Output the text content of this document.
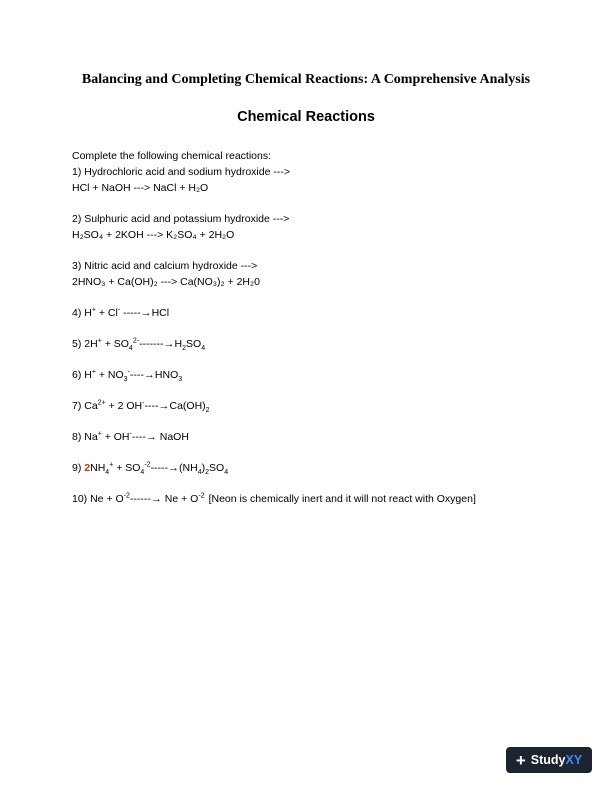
Balancing and Completing Chemical Reactions: A Comprehensive Analysis
Chemical Reactions

Complete the following chemical reactions:

1) Hydrochloric acid and sodium hydroxide --->

HCl + NaOH ---> NaCl + H₂O

2) Sulphuric acid and potassium hydroxide --->

H₂SO₄ + 2KOH ---> K₂SO₄ + 2H₂O

3) Nitric acid and calcium hydroxide --->

2HNO₃ + Ca(OH)₂ ---> Ca(NO₃)₂ + 2H₂0

4) H+ + Cl- -----→HCl

5) $2H^+ + SO_4^{2-}-------\to H_2SO_4$

6) $H^+ + NO_3^-----\to HNO_3$

7) $Ca^{2+} + 2$ $OH^-----\to Ca(OH)_2$

8) Na+ + OH-----→ NaOH

9) $2NH_4^+ + SO_4^{-2}-----\to(NH_4)_2SO_4$

10) $Ne + O^{-2}------\to Ne + O^{-2}$ [Neon is chemically inert and it will not react with Oxygen]

+ StudyXY
